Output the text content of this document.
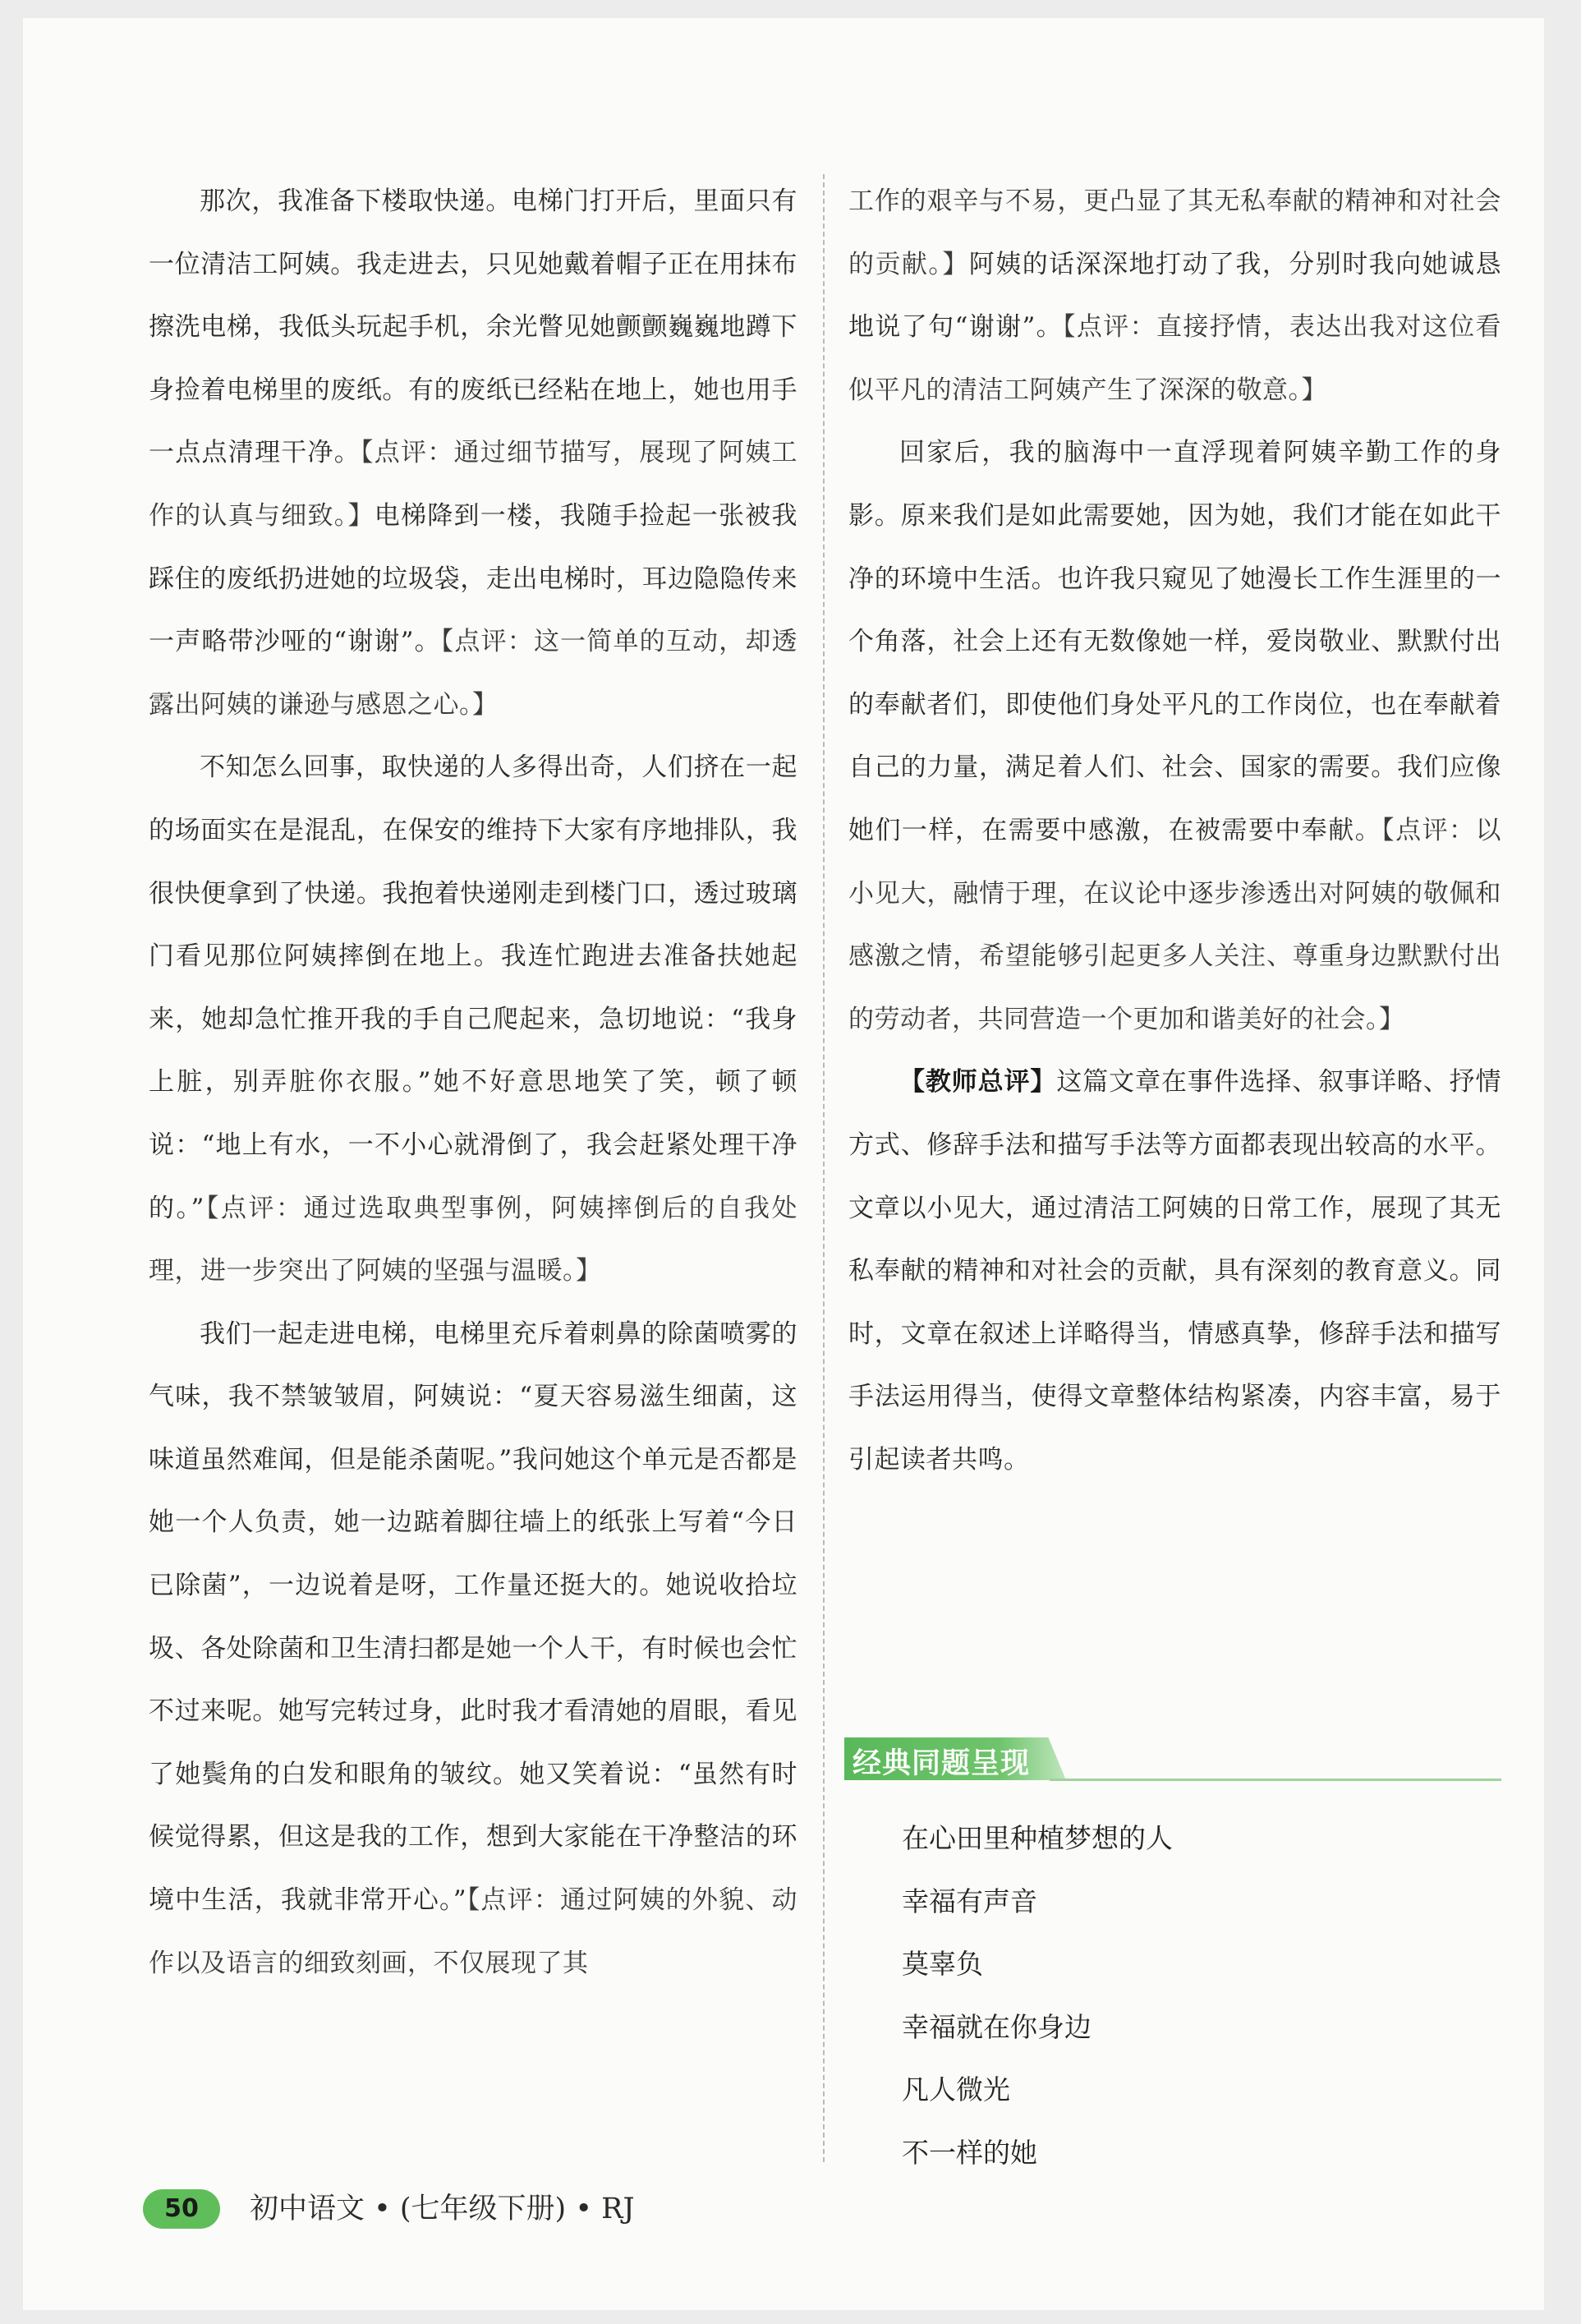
那次，我准备下楼取快递。电梯门打开后，里面只有一位清洁工阿姨。我走进去，只见她戴着帽子正在用抹布擦洗电梯，我低头玩起手机，余光瞥见她颤颤巍巍地蹲下身捡着电梯里的废纸。有的废纸已经粘在地上，她也用手一点点清理干净。【点评：通过细节描写，展现了阿姨工作的认真与细致。】电梯降到一楼，我随手捡起一张被我踩住的废纸扔进她的垃圾袋，走出电梯时，耳边隐隐传来一声略带沙哑的“谢谢”。【点评：这一简单的互动，却透露出阿姨的谦逊与感恩之心。】

不知怎么回事，取快递的人多得出奇，人们挤在一起的场面实在是混乱，在保安的维持下大家有序地排队，我很快便拿到了快递。我抱着快递刚走到楼门口，透过玻璃门看见那位阿姨摔倒在地上。我连忙跑进去准备扶她起来，她却急忙推开我的手自己爬起来，急切地说：“我身上脏，别弄脏你衣服。”她不好意思地笑了笑，顿了顿说：“地上有水，一不小心就滑倒了，我会赶紧处理干净的。”【点评：通过选取典型事例，阿姨摔倒后的自我处理，进一步突出了阿姨的坚强与温暖。】

我们一起走进电梯，电梯里充斥着刺鼻的除菌喷雾的气味，我不禁皱皱眉，阿姨说：“夏天容易滋生细菌，这味道虽然难闻，但是能杀菌呢。”我问她这个单元是否都是她一个人负责，她一边踮着脚往墙上的纸张上写着“今日已除菌”，一边说着是呀，工作量还挺大的。她说收拾垃圾、各处除菌和卫生清扫都是她一个人干，有时候也会忙不过来呢。她写完转过身，此时我才看清她的眉眼，看见了她鬓角的白发和眼角的皱纹。她又笑着说：“虽然有时候觉得累，但这是我的工作，想到大家能在干净整洁的环境中生活，我就非常开心。”【点评：通过阿姨的外貌、动作以及语言的细致刻画，不仅展现了其

工作的艰辛与不易，更凸显了其无私奉献的精神和对社会的贡献。】阿姨的话深深地打动了我，分别时我向她诚恳地说了句“谢谢”。【点评：直接抒情，表达出我对这位看似平凡的清洁工阿姨产生了深深的敬意。】

回家后，我的脑海中一直浮现着阿姨辛勤工作的身影。原来我们是如此需要她，因为她，我们才能在如此干净的环境中生活。也许我只窥见了她漫长工作生涯里的一个角落，社会上还有无数像她一样，爱岗敬业、默默付出的奉献者们，即使他们身处平凡的工作岗位，也在奉献着自己的力量，满足着人们、社会、国家的需要。我们应像她们一样，在需要中感激，在被需要中奉献。【点评：以小见大，融情于理，在议论中逐步渗透出对阿姨的敬佩和感激之情，希望能够引起更多人关注、尊重身边默默付出的劳动者，共同营造一个更加和谐美好的社会。】

【教师总评】这篇文章在事件选择、叙事详略、抒情方式、修辞手法和描写手法等方面都表现出较高的水平。文章以小见大，通过清洁工阿姨的日常工作，展现了其无私奉献的精神和对社会的贡献，具有深刻的教育意义。同时，文章在叙述上详略得当，情感真挚，修辞手法和描写手法运用得当，使得文章整体结构紧凑，内容丰富，易于引起读者共鸣。

经典同题呈现
在心田里种植梦想的人
幸福有声音
莫辜负
幸福就在你身边
凡人微光
不一样的她
50	初中语文 • (七年级下册) • RJ
